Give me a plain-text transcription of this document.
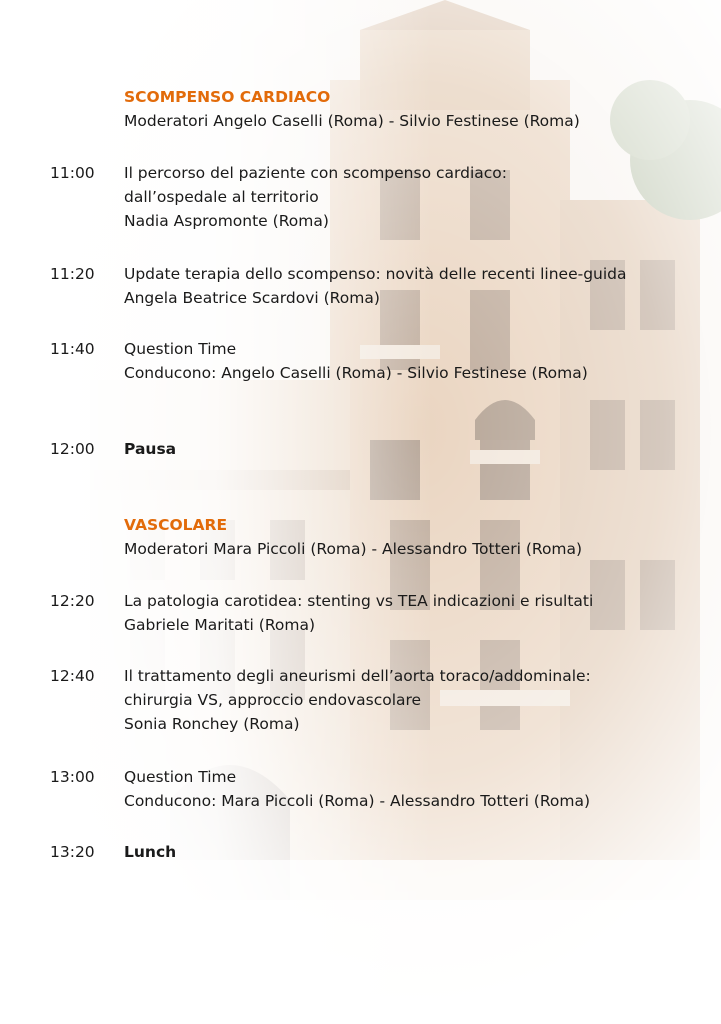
SCOMPENSO CARDIACO
Moderatori Angelo Caselli (Roma) - Silvio Festinese (Roma)
11:00 Il percorso del paziente con scompenso cardiaco:
dall’ospedale al territorio
Nadia Aspromonte (Roma)
11:20 Update terapia dello scompenso: novità delle recenti linee-guida
Angela Beatrice Scardovi (Roma)
11:40 Question Time
Conducono: Angelo Caselli (Roma) - Silvio Festinese (Roma)
12:00 Pausa
VASCOLARE
Moderatori Mara Piccoli (Roma) - Alessandro Totteri (Roma)
12:20 La patologia carotidea: stenting vs TEA indicazioni e risultati
Gabriele Maritati (Roma)
12:40 Il trattamento degli aneurismi dell’aorta toraco/addominale:
chirurgia VS, approccio endovascolare
Sonia Ronchey (Roma)
13:00 Question Time
Conducono: Mara Piccoli (Roma) - Alessandro Totteri (Roma)
13:20 Lunch
